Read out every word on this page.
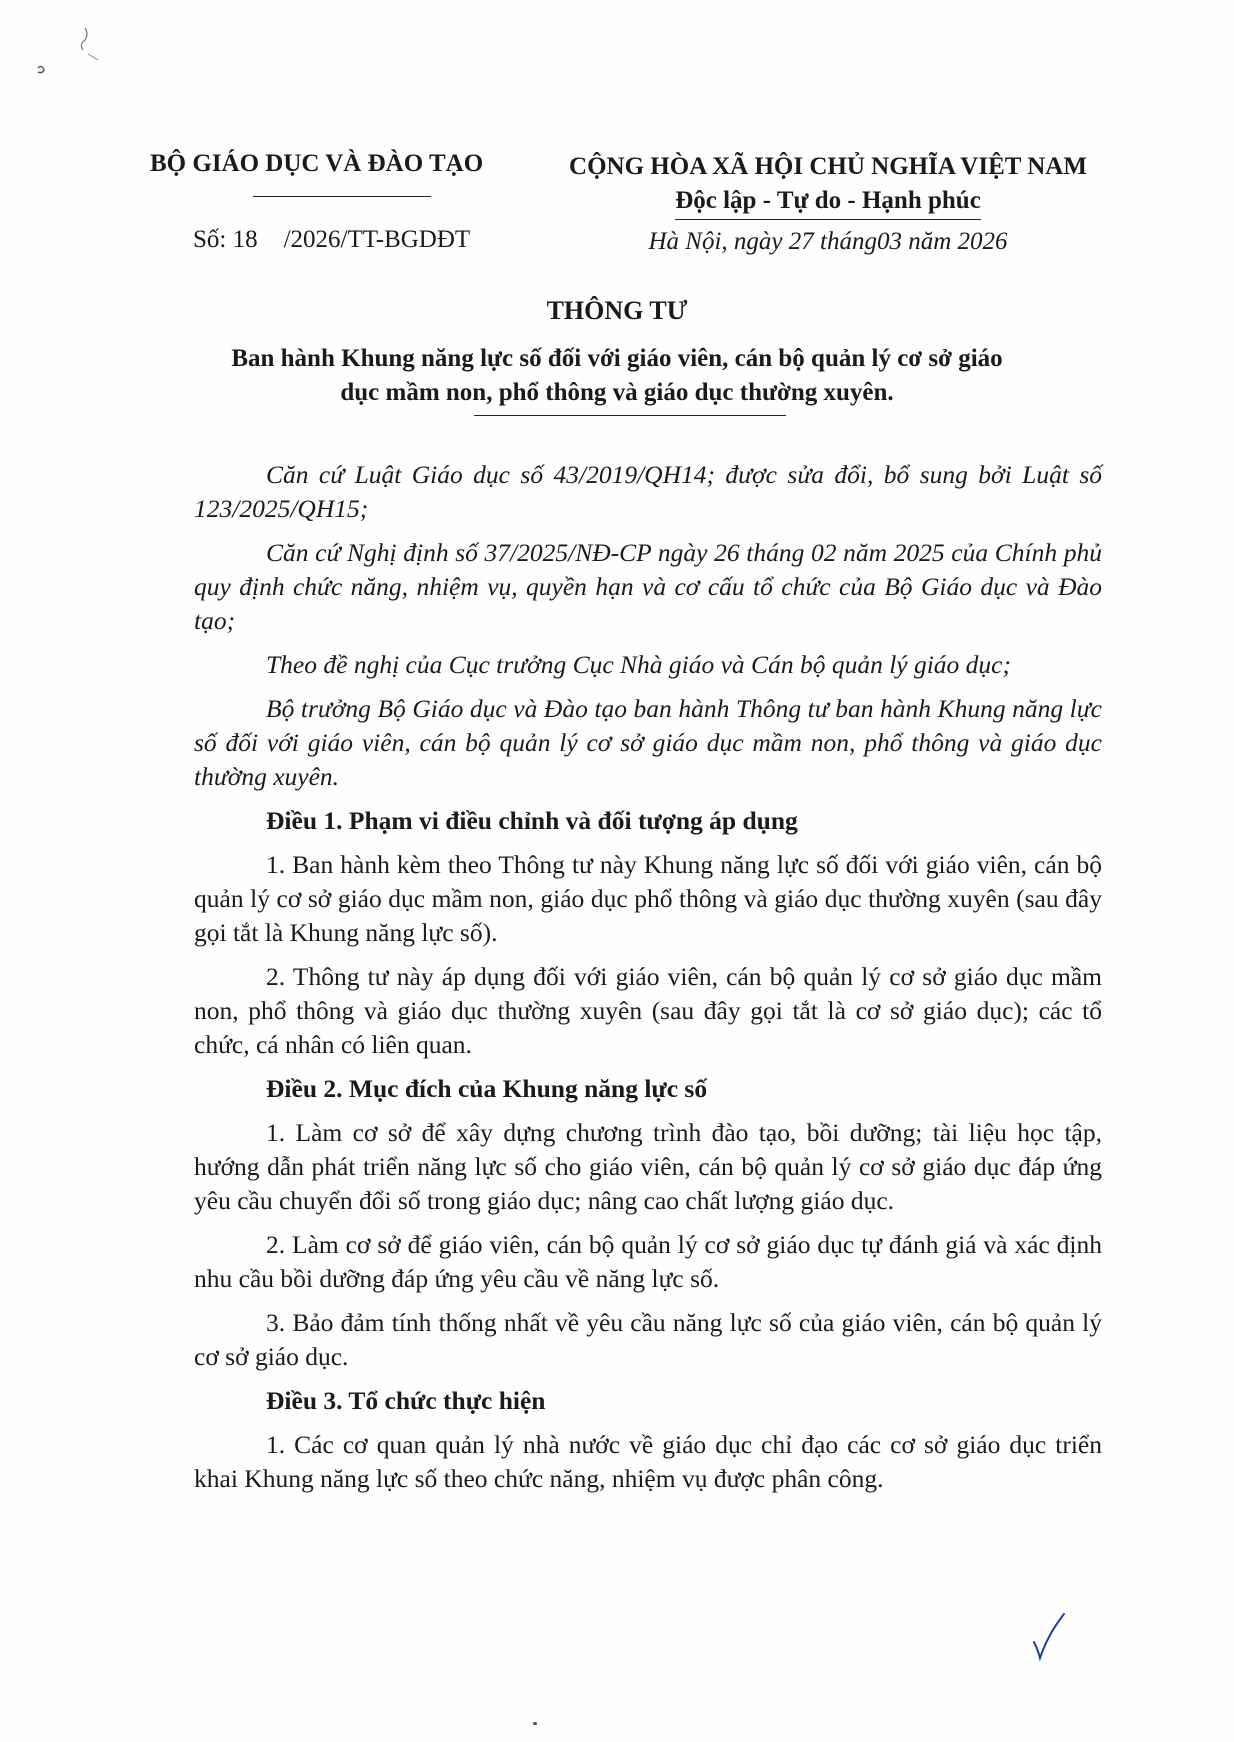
BỘ GIÁO DỤC VÀ ĐÀO TẠO	CỘNG HÒA XÃ HỘI CHỦ NGHĨA VIỆT NAM
Độc lập - Tự do - Hạnh phúc
Số: 18 /2026/TT-BGDĐT	Hà Nội, ngày 27 tháng03 năm 2026
THÔNG TƯ
Ban hành Khung năng lực số đối với giáo viên, cán bộ quản lý cơ sở giáo
dục mầm non, phổ thông và giáo dục thường xuyên.

Căn cứ Luật Giáo dục số 43/2019/QH14; được sửa đổi, bổ sung bởi Luật số 123/2025/QH15;

Căn cứ Nghị định số 37/2025/NĐ-CP ngày 26 tháng 02 năm 2025 của Chính phủ quy định chức năng, nhiệm vụ, quyền hạn và cơ cấu tổ chức của Bộ Giáo dục và Đào tạo;

Theo đề nghị của Cục trưởng Cục Nhà giáo và Cán bộ quản lý giáo dục;

Bộ trưởng Bộ Giáo dục và Đào tạo ban hành Thông tư ban hành Khung năng lực số đối với giáo viên, cán bộ quản lý cơ sở giáo dục mầm non, phổ thông và giáo dục thường xuyên.

Điều 1. Phạm vi điều chỉnh và đối tượng áp dụng

1. Ban hành kèm theo Thông tư này Khung năng lực số đối với giáo viên, cán bộ quản lý cơ sở giáo dục mầm non, giáo dục phổ thông và giáo dục thường xuyên (sau đây gọi tắt là Khung năng lực số).

2. Thông tư này áp dụng đối với giáo viên, cán bộ quản lý cơ sở giáo dục mầm non, phổ thông và giáo dục thường xuyên (sau đây gọi tắt là cơ sở giáo dục); các tổ chức, cá nhân có liên quan.

Điều 2. Mục đích của Khung năng lực số

1. Làm cơ sở để xây dựng chương trình đào tạo, bồi dưỡng; tài liệu học tập, hướng dẫn phát triển năng lực số cho giáo viên, cán bộ quản lý cơ sở giáo dục đáp ứng yêu cầu chuyển đổi số trong giáo dục; nâng cao chất lượng giáo dục.

2. Làm cơ sở để giáo viên, cán bộ quản lý cơ sở giáo dục tự đánh giá và xác định nhu cầu bồi dưỡng đáp ứng yêu cầu về năng lực số.

3. Bảo đảm tính thống nhất về yêu cầu năng lực số của giáo viên, cán bộ quản lý cơ sở giáo dục.

Điều 3. Tổ chức thực hiện

1. Các cơ quan quản lý nhà nước về giáo dục chỉ đạo các cơ sở giáo dục triển khai Khung năng lực số theo chức năng, nhiệm vụ được phân công.
